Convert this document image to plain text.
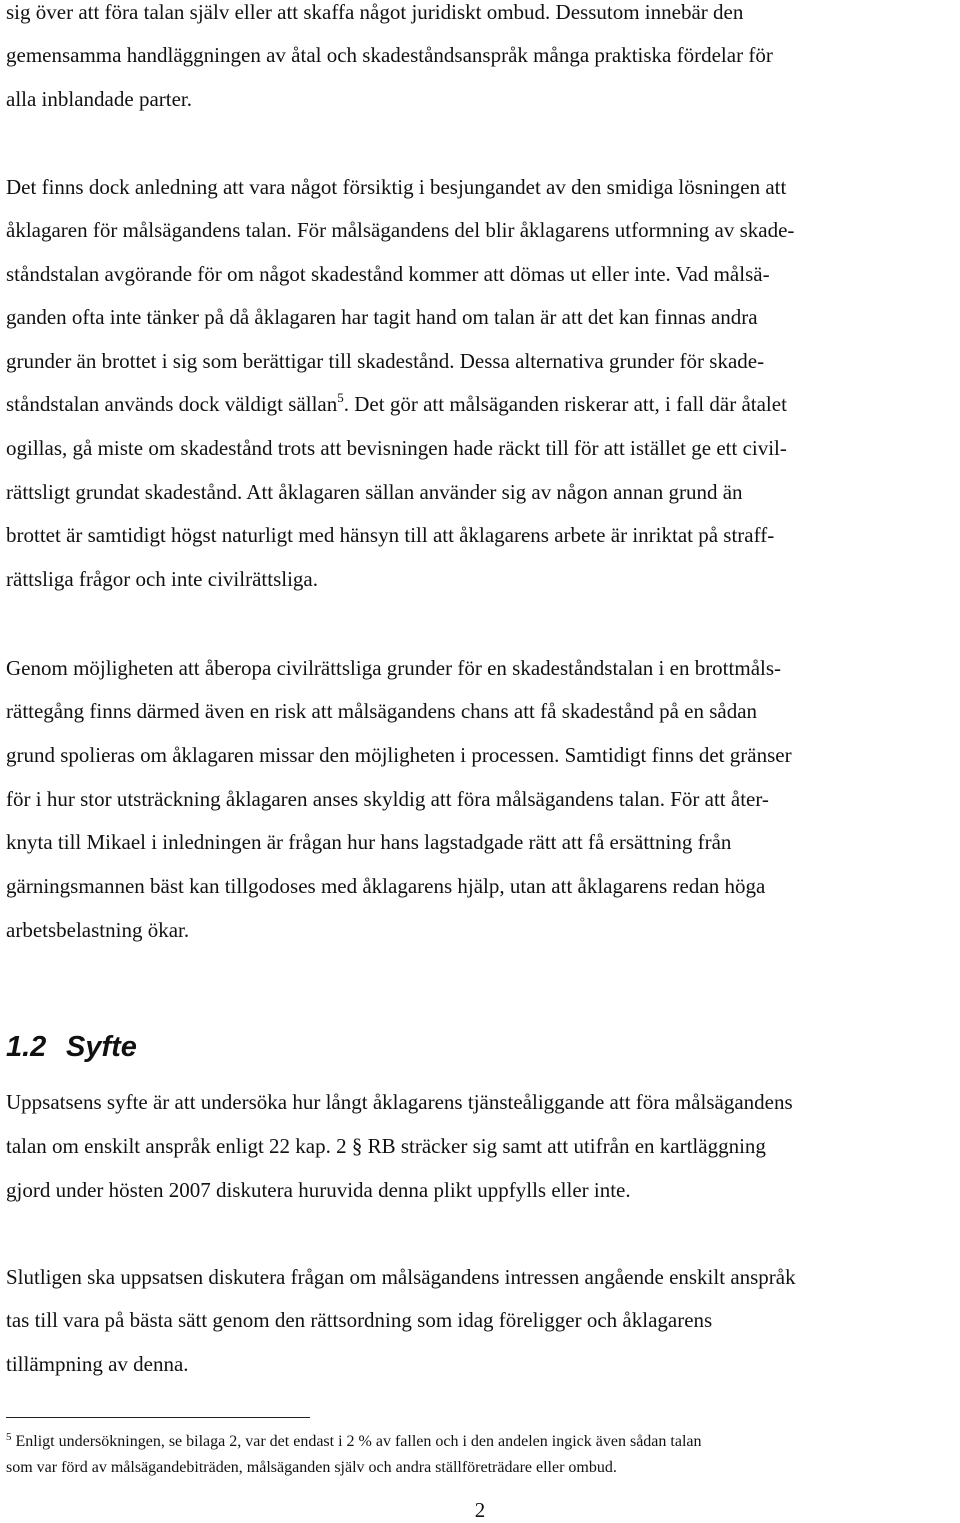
sig över att föra talan själv eller att skaffa något juridiskt ombud. Dessutom innebär den
gemensamma handläggningen av åtal och skadeståndsanspråk många praktiska fördelar för
alla inblandade parter.
Det finns dock anledning att vara något försiktig i besjungandet av den smidiga lösningen att
åklagaren för målsägandens talan. För målsägandens del blir åklagarens utformning av skade-
ståndstalan avgörande för om något skadestånd kommer att dömas ut eller inte. Vad målsä-
ganden ofta inte tänker på då åklagaren har tagit hand om talan är att det kan finnas andra
grunder än brottet i sig som berättigar till skadestånd. Dessa alternativa grunder för skade-
ståndstalan används dock väldigt sällan$^5$. Det gör att målsäganden riskerar att, i fall där åtalet
ogillas, gå miste om skadestånd trots att bevisningen hade räckt till för att istället ge ett civil-
rättsligt grundat skadestånd. Att åklagaren sällan använder sig av någon annan grund än
brottet är samtidigt högst naturligt med hänsyn till att åklagarens arbete är inriktat på straff-
rättsliga frågor och inte civilrättsliga.
Genom möjligheten att åberopa civilrättsliga grunder för en skadeståndstalan i en brottmåls-
rättegång finns därmed även en risk att målsägandens chans att få skadestånd på en sådan
grund spolieras om åklagaren missar den möjligheten i processen. Samtidigt finns det gränser
för i hur stor utsträckning åklagaren anses skyldig att föra målsägandens talan. För att åter-
knyta till Mikael i inledningen är frågan hur hans lagstadgade rätt att få ersättning från
gärningsmannen bäst kan tillgodoses med åklagarens hjälp, utan att åklagarens redan höga
arbetsbelastning ökar.
1.2 Syfte
Uppsatsens syfte är att undersöka hur långt åklagarens tjänsteåliggande att föra målsägandens
talan om enskilt anspråk enligt 22 kap. 2 § RB sträcker sig samt att utifrån en kartläggning
gjord under hösten 2007 diskutera huruvida denna plikt uppfylls eller inte.
Slutligen ska uppsatsen diskutera frågan om målsägandens intressen angående enskilt anspråk
tas till vara på bästa sätt genom den rättsordning som idag föreligger och åklagarens
tillämpning av denna.
$^5$ Enligt undersökningen, se bilaga 2, var det endast i 2 % av fallen och i den andelen ingick även sådan talan
som var förd av målsägandebiträden, målsäganden själv och andra ställföreträdare eller ombud.
2
